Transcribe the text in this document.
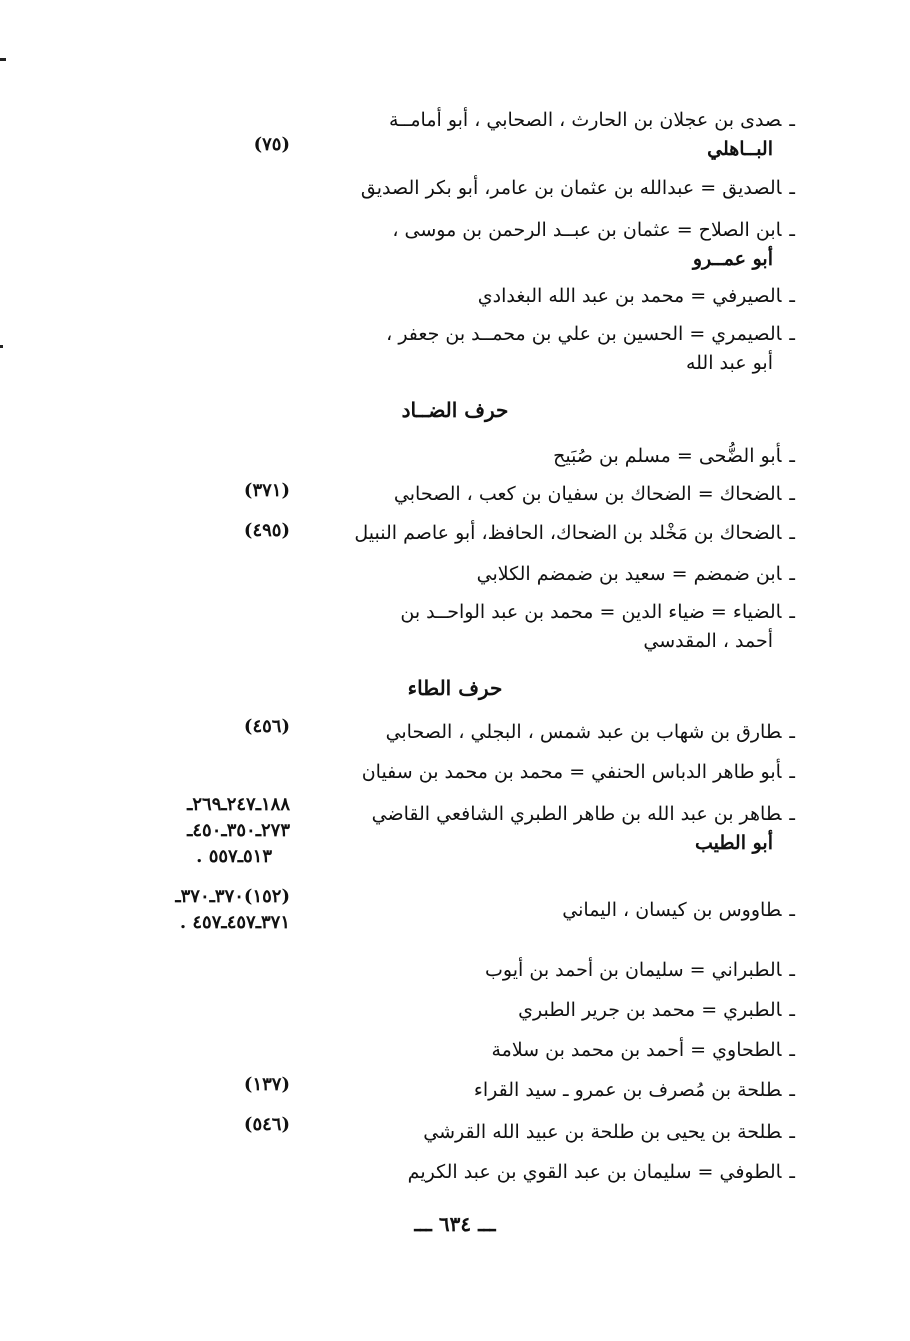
ـصدى بن عجلان بن الحارث ، الصحابي ، أبو أمامــة
البــاهلي
(٧٥)
ـالصديق = عبدالله بن عثمان بن عامر، أبو بكر الصديق
ـابن الصلاح = عثمان بن عبــد الرحمن بن موسى ،
أبو عمــرو
ـالصيرفي = محمد بن عبد الله البغدادي
ـالصيمري = الحسين بن علي بن محمــد بن جعفر ،
أبو عبد الله
حرف الضــاد
ـأبو الضُّحى = مسلم بن صُبَيح
ـالضحاك = الضحاك بن سفيان بن كعب ، الصحابي
(٣٧١)
ـالضحاك بن مَخْلد بن الضحاك، الحافظ، أبو عاصم النبيل
(٤٩٥)
ـابن ضمضم = سعيد بن ضمضم الكلابي
ـالضياء = ضياء الدين = محمد بن عبد الواحــد بن
أحمد ، المقدسي
حرف الطاء
ـطارق بن شهاب بن عبد شمس ، البجلي ، الصحابي
(٤٥٦)
ـأبو طاهر الدباس الحنفي = محمد بن محمد بن سفيان
ـطاهر بن عبد الله بن طاهر الطبري الشافعي القاضي
أبو الطيب
١٨٨ـ٢٤٧ـ٢٦٩ـ
٢٧٣ـ٣٥٠ـ٤٥٠ـ
٥١٣ـ٥٥٧ .
ـطاووس بن كيسان ، اليماني
(١٥٢)٣٧٠ـ٣٧٠ـ
٣٧١ـ٤٥٧ـ٤٥٧ .
ـالطبراني = سليمان بن أحمد بن أيوب
ـالطبري = محمد بن جرير الطبري
ـالطحاوي = أحمد بن محمد بن سلامة
ـطلحة بن مُصرف بن عمرو ـ سيد القراء
(١٣٧)
ـطلحة بن يحيى بن طلحة بن عبيد الله القرشي
(٥٤٦)
ـالطوفي = سليمان بن عبد القوي بن عبد الكريم
ـــ ٦٣٤ ـــ
